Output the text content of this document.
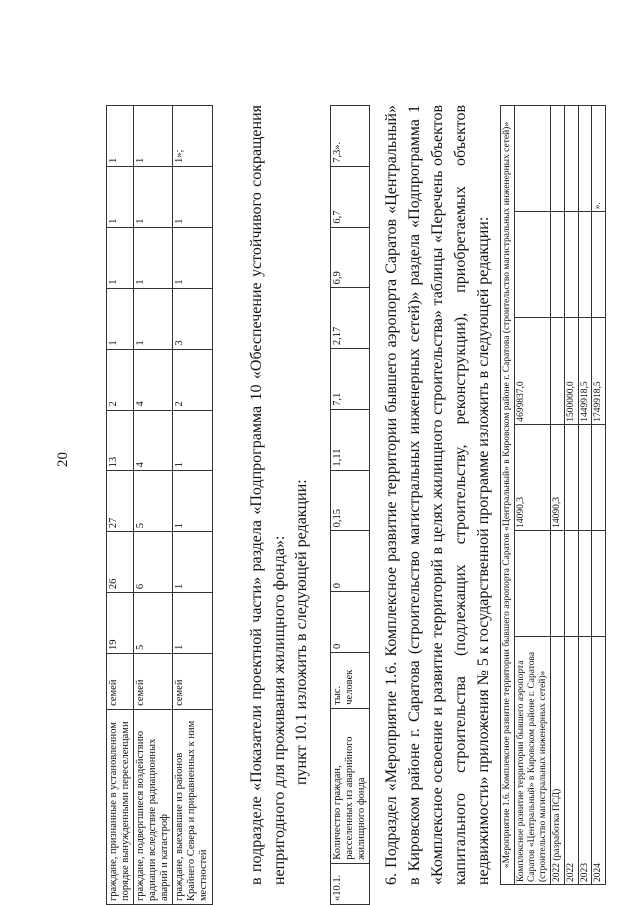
20
граждане, признанные в установленном порядке вынужденными переселенцами	семей	19	26	27	13	2	1	1	1	1
граждане, подвергшиеся воздействию радиации вследствие радиационных аварий и катастроф	семей	5	6	5	4	4	1	1	1	1
граждане, выехавшие из районов Крайнего Севера и приравненных к ним местностей	семей	1	1	1	1	2	3	1	1	1»;	в подразделе «Показатели проектной части» раздела «Подпрограмма 10 «Обеспечение устойчивого сокращения непригодного для проживания жилищного фонда»: пункт 10.1 изложить в следующей редакции:
«10.1.	Количество граждан, расселенных из аварийного жилищного фонда	тыс. человек	0	0	0,15	1,11	7,1	2,17	6,9	6,7	7,3».	6. Подраздел «Мероприятие 1.6. Комплексное развитие территории бывшего аэропорта Саратов «Центральный» в Кировском районе г. Саратова (строительство магистральных инженерных сетей)» раздела «Подпрограмма 1 «Комплексное освоение и развитие территорий в целях жилищного строительства» таблицы «Перечень объектов капитального строительства (подлежащих строительству, реконструкции), приобретаемых объектов недвижимости» приложения № 5 к государственной программе изложить в следующей редакции:	«Мероприятие 1.6. Комплексное развитие территории бывшего аэропорта Саратов «Центральный» в Кировском районе г. Саратова (строительство магистральных инженерных сетей)»					
Комплексное развитие территории бывшего аэропорта Саратов «Центральный» в Кировском районе г. Саратова (строительство магистральных инженерных сетей)»		14090,3	4699837,0		
2022 (разработка ПСД)		14090,3			
2022			1500000,0		
2023			1449918,5		
2024			1749918,5		».
